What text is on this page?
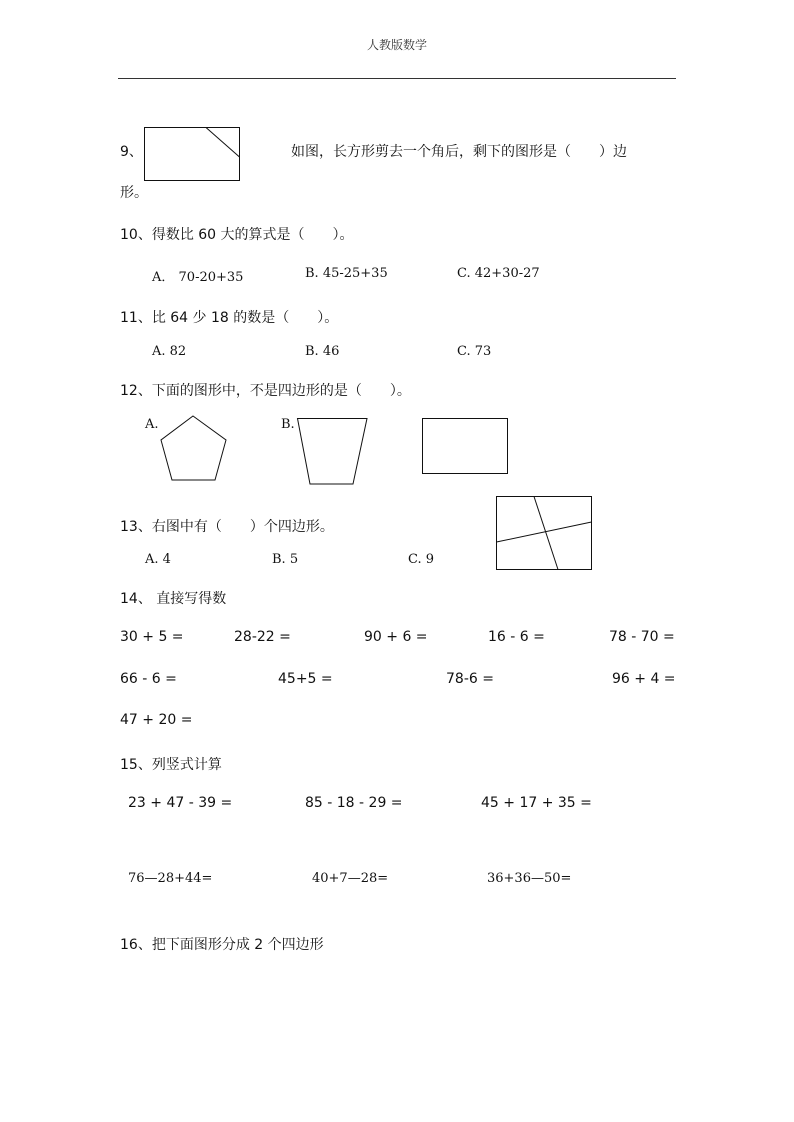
人教版数学
9、	如图，长方形剪去一个角后，剩下的图形是（　　）边
形。
10、得数比 60 大的算式是（　　）。
A． 70-20+35	B. 45-25+35	C. 42+30-27
11、比 64 少 18 的数是（　　）。
A. 82	B. 46	C. 73
12、下面的图形中，不是四边形的是（　　）。
A.	B.
13、右图中有（　　）个四边形。
A. 4	B. 5	C. 9
14、 直接写得数
30 + 5 =	28-22 =	90 + 6 =	16 - 6 =	78 - 70 =
66 - 6 =	45+5 =	78-6 =	96 + 4 =
47 + 20 =
15、列竖式计算
23 + 47 - 39 =	85 - 18 - 29 =	45 + 17 + 35 =
76—28+44=	40+7—28=	36+36—50=
16、把下面图形分成 2 个四边形
